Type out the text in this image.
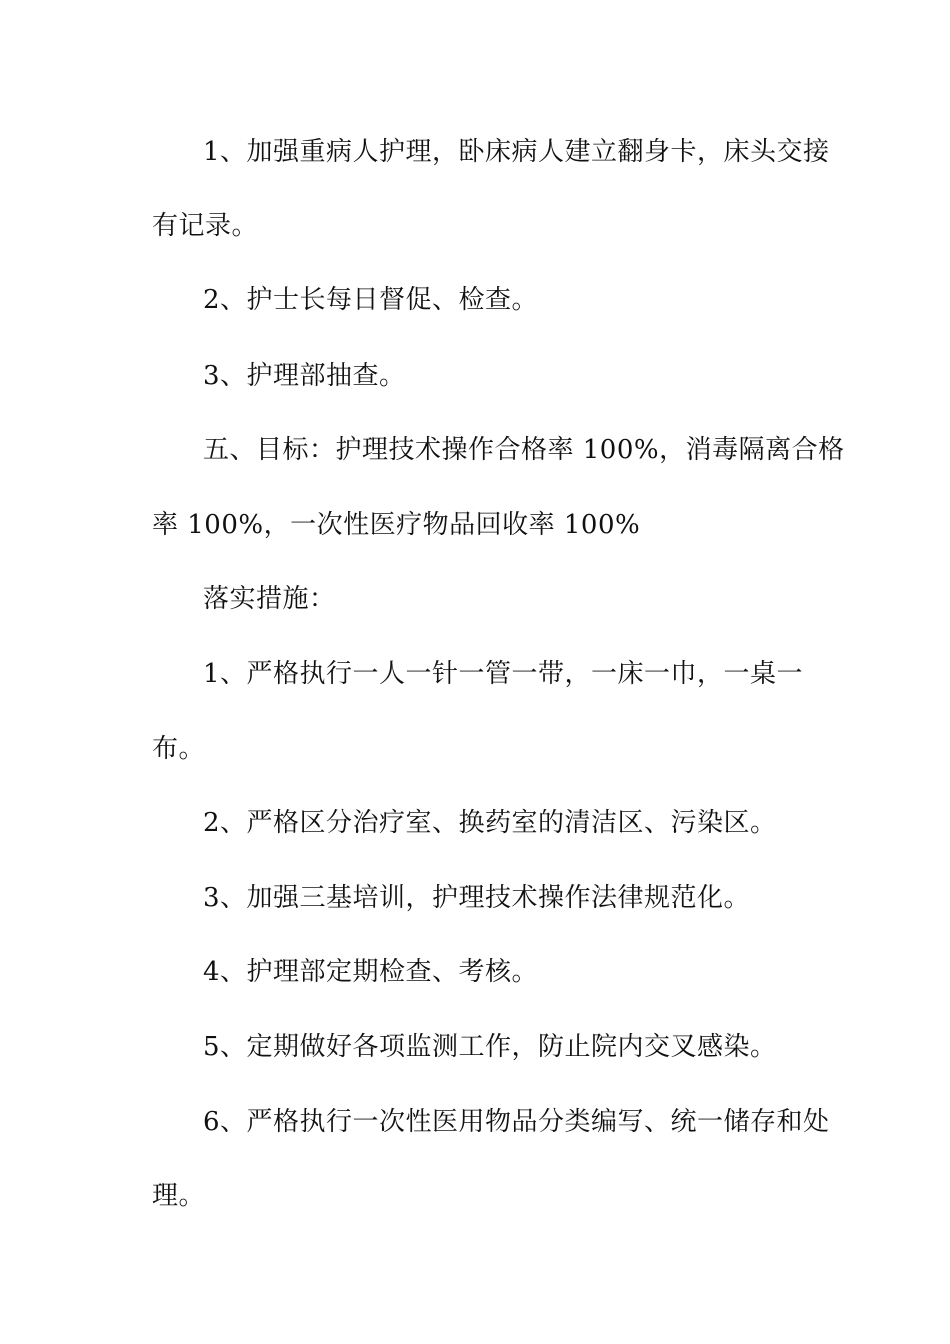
1、加强重病人护理，卧床病人建立翻身卡，床头交接
有记录。
2、护士长每日督促、检查。
3、护理部抽查。
五、目标：护理技术操作合格率 100%，消毒隔离合格
率 100%，一次性医疗物品回收率 100%
落实措施：
1、严格执行一人一针一管一带，一床一巾，一桌一
布。
2、严格区分治疗室、换药室的清洁区、污染区。
3、加强三基培训，护理技术操作法律规范化。
4、护理部定期检查、考核。
5、定期做好各项监测工作，防止院内交叉感染。
6、严格执行一次性医用物品分类编写、统一储存和处
理。
